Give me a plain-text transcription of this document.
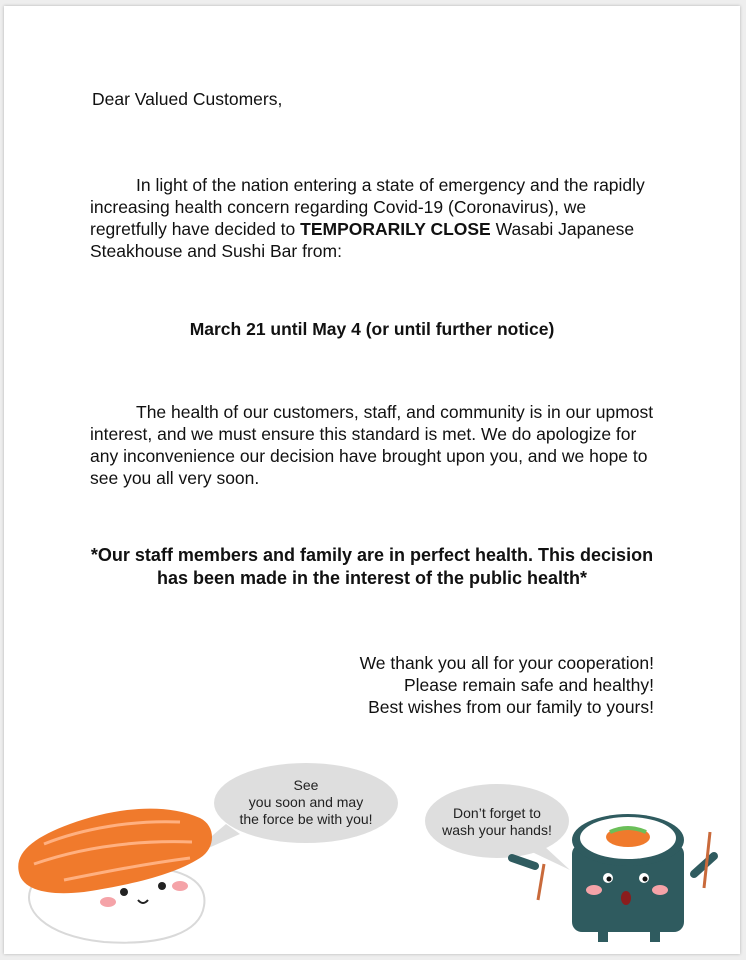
Dear Valued Customers,

In light of the nation entering a state of emergency and the rapidly increasing health concern regarding Covid-19 (Coronavirus), we regretfully have decided to TEMPORARILY CLOSE Wasabi Japanese Steakhouse and Sushi Bar from:

March 21 until May 4 (or until further notice)

The health of our customers, staff, and community is in our upmost interest, and we must ensure this standard is met. We do apologize for any inconvenience our decision have brought upon you, and we hope to see you all very soon.

*Our staff members and family are in perfect health. This decision
has been made in the interest of the public health*

We thank you all for your cooperation!
Please remain safe and healthy!
Best wishes from our family to yours!

See
you soon and may
the force be with you!	Don’t forget to
wash your hands!
